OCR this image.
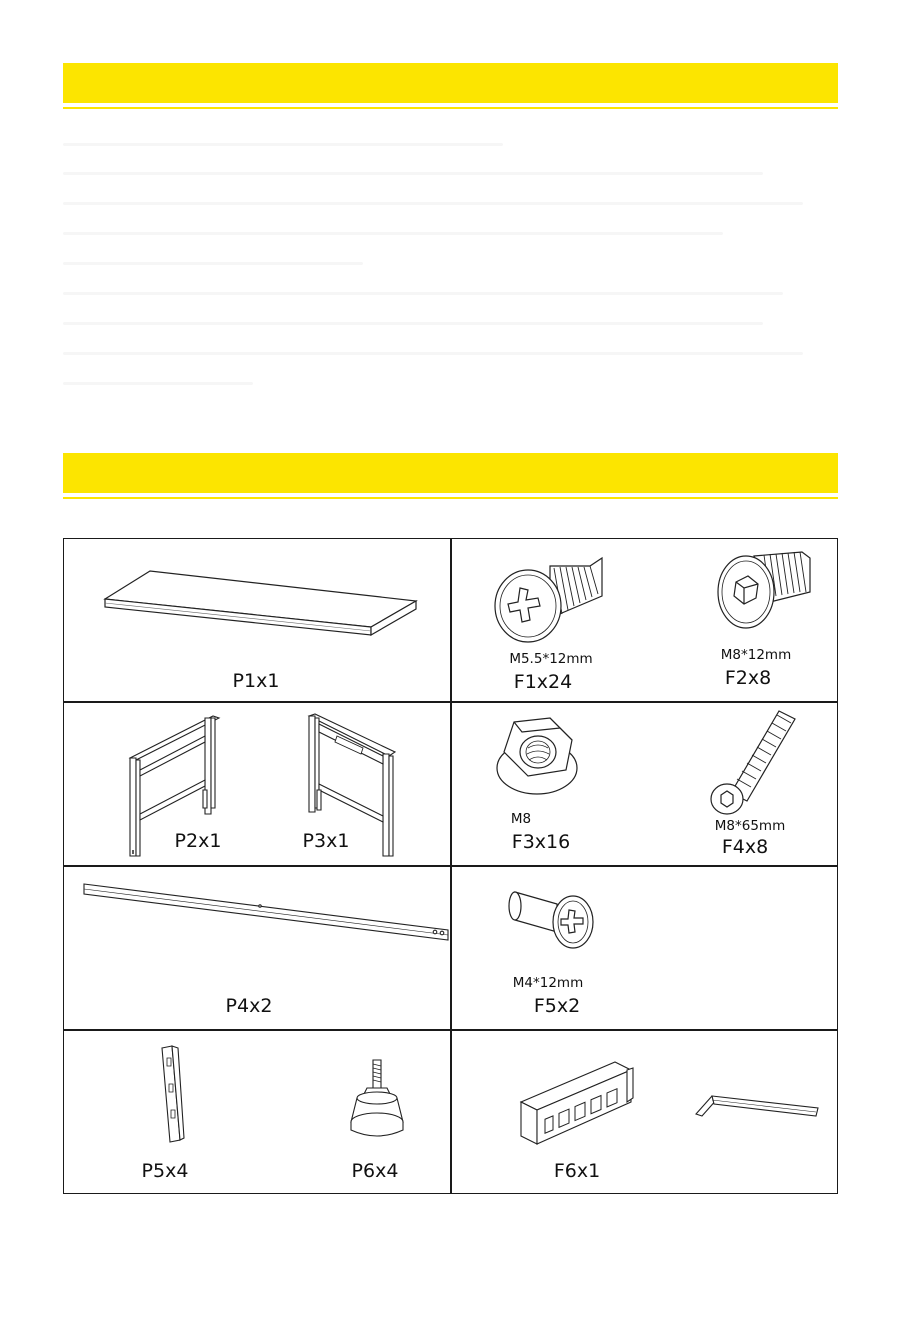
P1x1
M5.5*12mm
F1x24
M8*12mm
F2x8
P2x1	P3x1
M8
F3x16
M8*65mm
F4x8
P4x2
M4*12mm
F5x2
P5x4	P6x4	F6x1
